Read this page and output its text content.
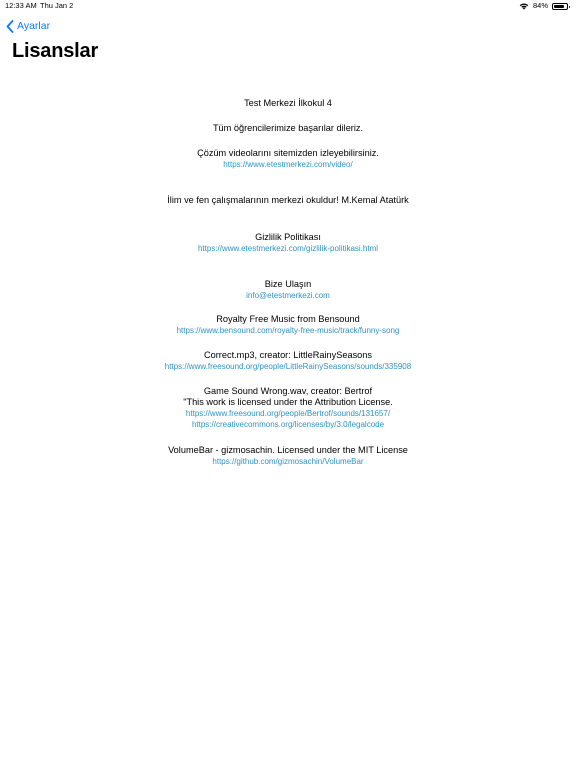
12:33 AM Thu Jan 2	84%
Ayarlar
Lisanslar
Test Merkezi İlkokul 4
Tüm öğrencilerimize başarılar dileriz.
Çözüm videolarını sitemizden izleyebilirsiniz.
https://www.etestmerkezi.com/video/
İlim ve fen çalışmalarının merkezi okuldur! M.Kemal Atatürk
Gizlilik Politikası
https://www.etestmerkezi.com/gizlilik-politikasi.html
Bize Ulaşın
info@etestmerkezi.com
Royalty Free Music from Bensound
https://www.bensound.com/royalty-free-music/track/funny-song
Correct.mp3, creator: LittleRainySeasons
https://www.freesound.org/people/LittleRainySeasons/sounds/335908
Game Sound Wrong.wav, creator: Bertrof
"This work is licensed under the Attribution License.
https://www.freesound.org/people/Bertrof/sounds/131657/
https://creativecommons.org/licenses/by/3.0/legalcode
VolumeBar - gizmosachin. Licensed under the MIT License
https://github.com/gizmosachin/VolumeBar
